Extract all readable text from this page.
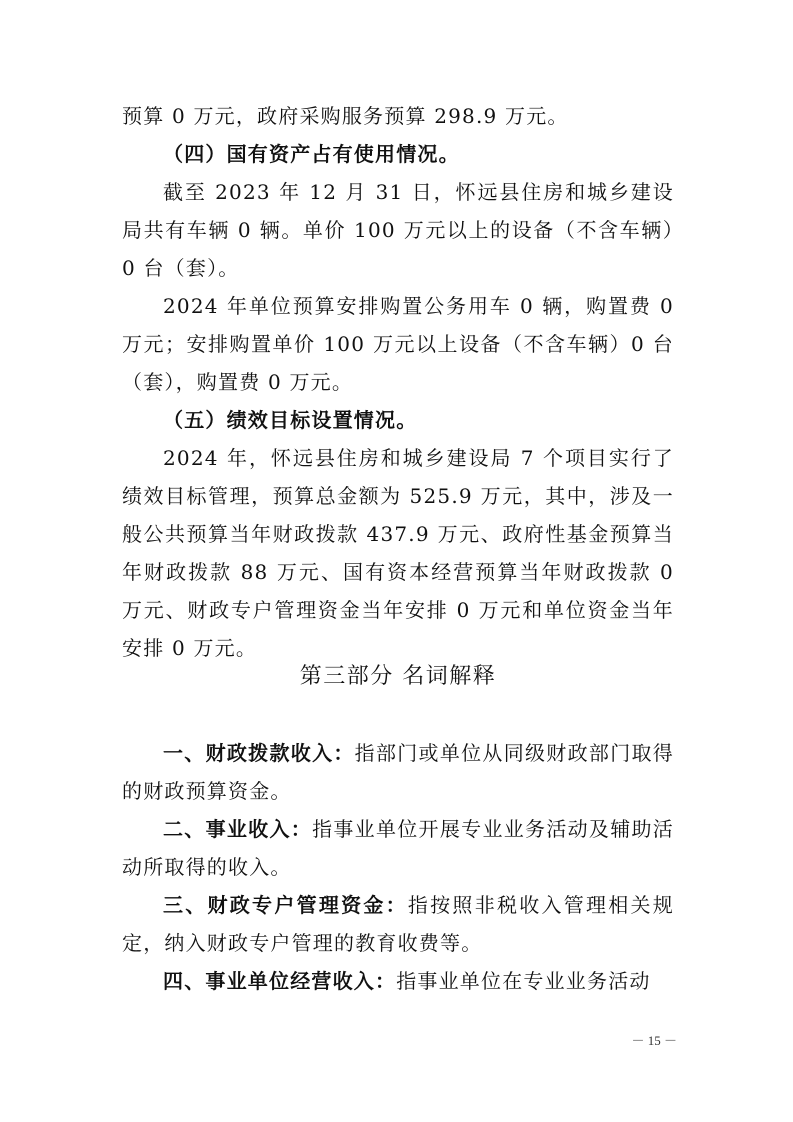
预算 0 万元，政府采购服务预算 298.9 万元。

（四）国有资产占有使用情况。

截至 2023 年 12 月 31 日，怀远县住房和城乡建设局共有车辆 0 辆。单价 100 万元以上的设备（不含车辆）0 台（套）。

2024 年单位预算安排购置公务用车 0 辆，购置费 0 万元；安排购置单价 100 万元以上设备（不含车辆）0 台（套），购置费 0 万元。

（五）绩效目标设置情况。

2024 年，怀远县住房和城乡建设局 7 个项目实行了绩效目标管理，预算总金额为 525.9 万元，其中，涉及一般公共预算当年财政拨款 437.9 万元、政府性基金预算当年财政拨款 88 万元、国有资本经营预算当年财政拨款 0 万元、财政专户管理资金当年安排 0 万元和单位资金当年安排 0 万元。

第三部分 名词解释

一、财政拨款收入：指部门或单位从同级财政部门取得的财政预算资金。

二、事业收入：指事业单位开展专业业务活动及辅助活动所取得的收入。

三、财政专户管理资金：指按照非税收入管理相关规定，纳入财政专户管理的教育收费等。

四、事业单位经营收入：指事业单位在专业业务活动

－ 15 －
